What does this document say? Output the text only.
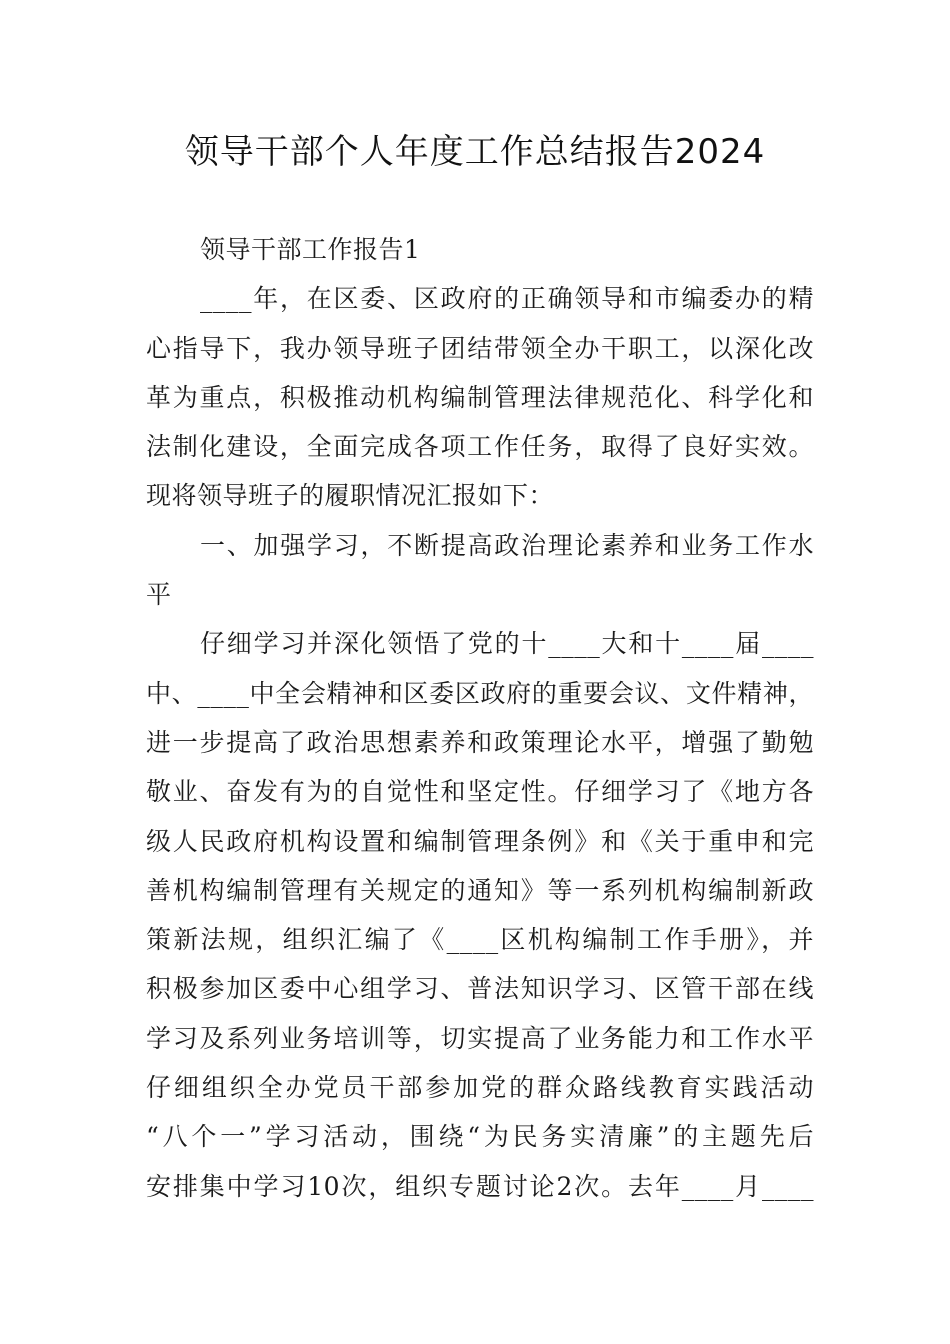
领导干部个人年度工作总结报告2024
领导干部工作报告1
____年，在区委、区政府的正确领导和市编委办的精
心指导下，我办领导班子团结带领全办干职工，以深化改
革为重点，积极推动机构编制管理法律规范化、科学化和
法制化建设，全面完成各项工作任务，取得了良好实效。
现将领导班子的履职情况汇报如下：
一、加强学习，不断提高政治理论素养和业务工作水
平
仔细学习并深化领悟了党的十____大和十____届____
中、____中全会精神和区委区政府的重要会议、文件精神，
进一步提高了政治思想素养和政策理论水平，增强了勤勉
敬业、奋发有为的自觉性和坚定性。仔细学习了《地方各
级人民政府机构设置和编制管理条例》和《关于重申和完
善机构编制管理有关规定的通知》等一系列机构编制新政
策新法规，组织汇编了《____区机构编制工作手册》，并
积极参加区委中心组学习、普法知识学习、区管干部在线
学习及系列业务培训等，切实提高了业务能力和工作水平
仔细组织全办党员干部参加党的群众路线教育实践活动
“八个一”学习活动，围绕“为民务实清廉”的主题先后
安排集中学习10次，组织专题讨论2次。去年____月____
